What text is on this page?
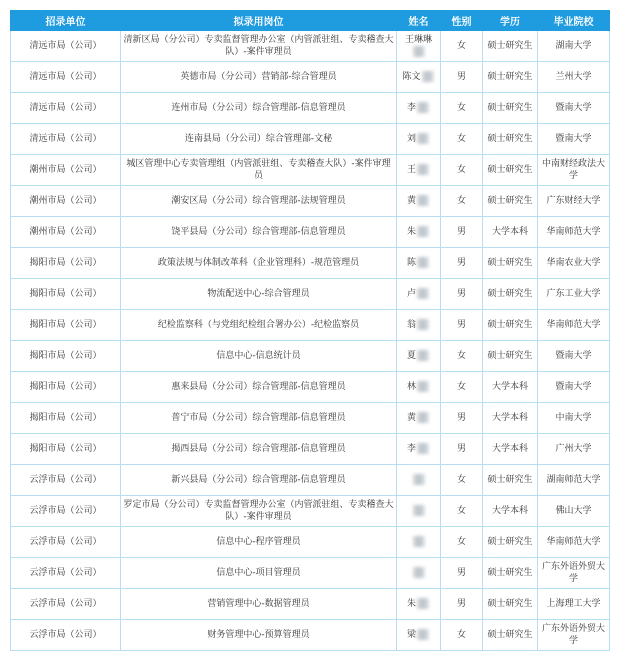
招录单位	拟录用岗位	姓名	性别	学历	毕业院校
清远市局（公司）	清新区局（分公司）专卖监督管理办公室（内管派驻组、专卖稽查大队）-案件审理员	王琳琳	女	硕士研究生	湖南大学
清远市局（公司）	英德市局（分公司）营销部-综合管理员	陈文	男	硕士研究生	兰州大学
清远市局（公司）	连州市局（分公司）综合管理部-信息管理员	李	女	硕士研究生	暨南大学
清远市局（公司）	连南县局（分公司）综合管理部-文秘	刘	女	硕士研究生	暨南大学
潮州市局（公司）	城区管理中心专卖管理组（内管派驻组、专卖稽查大队）-案件审理员	王	女	硕士研究生	中南财经政法大学
潮州市局（公司）	潮安区局（分公司）综合管理部-法规管理员	黄	女	硕士研究生	广东财经大学
潮州市局（公司）	饶平县局（分公司）综合管理部-信息管理员	朱	男	大学本科	华南师范大学
揭阳市局（公司）	政策法规与体制改革科（企业管理科）-规范管理员	陈	男	硕士研究生	华南农业大学
揭阳市局（公司）	物流配送中心-综合管理员	卢	男	硕士研究生	广东工业大学
揭阳市局（公司）	纪检监察科（与党组纪检组合署办公）-纪检监察员	翁	男	硕士研究生	华南师范大学
揭阳市局（公司）	信息中心-信息统计员	夏	女	硕士研究生	暨南大学
揭阳市局（公司）	惠来县局（分公司）综合管理部-信息管理员	林	女	大学本科	暨南大学
揭阳市局（公司）	普宁市局（分公司）综合管理部-信息管理员	黄	男	大学本科	中南大学
揭阳市局（公司）	揭西县局（分公司）综合管理部-信息管理员	李	男	大学本科	广州大学
云浮市局（公司）	新兴县局（分公司）综合管理部-信息管理员		女	硕士研究生	湖南师范大学
云浮市局（公司）	罗定市局（分公司）专卖监督管理办公室（内管派驻组、专卖稽查大队）-案件审理员		女	大学本科	佛山大学
云浮市局（公司）	信息中心-程序管理员		女	硕士研究生	华南师范大学
云浮市局（公司）	信息中心-项目管理员		男	硕士研究生	广东外语外贸大学
云浮市局（公司）	营销管理中心-数据管理员	朱	男	硕士研究生	上海理工大学
云浮市局（公司）	财务管理中心-预算管理员	梁	女	硕士研究生	广东外语外贸大学
